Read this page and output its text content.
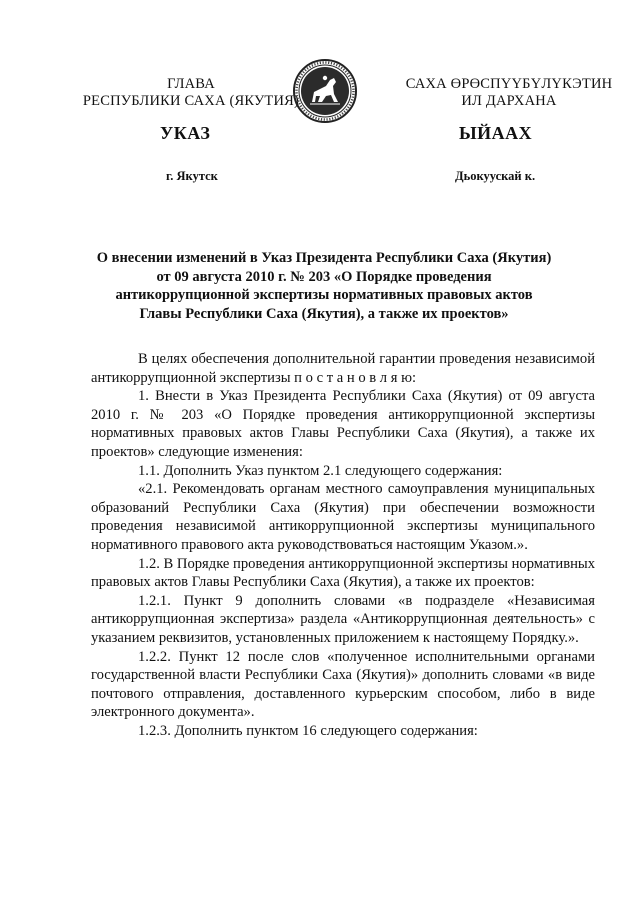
ГЛАВА
РЕСПУБЛИКИ САХА (ЯКУТИЯ)
САХА ӨРӨСПҮҮБҮЛҮКЭТИН
ИЛ ДАРХАНА
УКАЗ	ЫЙААХ
г. Якутск	Дьокуускай к.
О внесении изменений в Указ Президента Республики Саха (Якутия)
от 09 августа 2010 г. № 203 «О Порядке проведения
антикоррупционной экспертизы нормативных правовых актов
Главы Республики Саха (Якутия), а также их проектов»

В целях обеспечения дополнительной гарантии проведения независимой антикоррупционной экспертизы п о с т а н о в л я ю:

1. Внести в Указ Президента Республики Саха (Якутия) от 09 августа 2010 г. № 203 «О Порядке проведения антикоррупционной экспертизы нормативных правовых актов Главы Республики Саха (Якутия), а также их проектов» следующие изменения:

1.1. Дополнить Указ пунктом 2.1 следующего содержания:

«2.1. Рекомендовать органам местного самоуправления муниципальных образований Республики Саха (Якутия) при обеспечении возможности проведения независимой антикоррупционной экспертизы муниципального нормативного правового акта руководствоваться настоящим Указом.».

1.2. В Порядке проведения антикоррупционной экспертизы нормативных правовых актов Главы Республики Саха (Якутия), а также их проектов:

1.2.1. Пункт 9 дополнить словами «в подразделе «Независимая антикоррупционная экспертиза» раздела «Антикоррупционная деятельность» с указанием реквизитов, установленных приложением к настоящему Порядку.».

1.2.2. Пункт 12 после слов «полученное исполнительными органами государственной власти Республики Саха (Якутия)» дополнить словами «в виде почтового отправления, доставленного курьерским способом, либо в виде электронного документа».

1.2.3. Дополнить пунктом 16 следующего содержания:
